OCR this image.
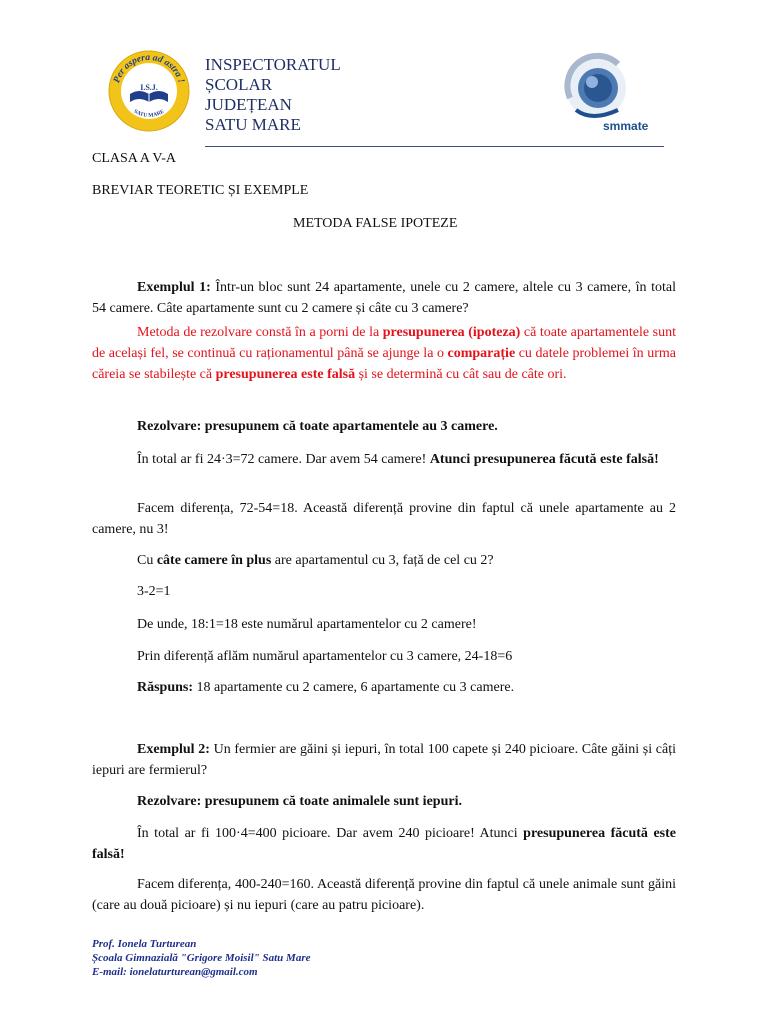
Per aspera ad astra !
I.S.J.
SATU MARE
INSPECTORATUL
ȘCOLAR
JUDEȚEAN
SATU MARE	smmate
CLASA A V-A
BREVIAR TEORETIC ȘI EXEMPLE
METODA FALSE IPOTEZE
Exemplul 1: Într-un bloc sunt 24 apartamente, unele cu 2 camere, altele cu 3 camere, în total 54 camere. Câte apartamente sunt cu 2 camere și câte cu 3 camere?
Metoda de rezolvare constă în a porni de la presupunerea (ipoteza) că toate apartamentele sunt de același fel, se continuă cu raționamentul până se ajunge la o comparație cu datele problemei în urma căreia se stabilește că presupunerea este falsă și se determină cu cât sau de câte ori.
Rezolvare: presupunem că toate apartamentele au 3 camere.
În total ar fi 24·3=72 camere. Dar avem 54 camere! Atunci presupunerea făcută este falsă!
Facem diferența, 72-54=18. Această diferență provine din faptul că unele apartamente au 2 camere, nu 3!
Cu câte camere în plus are apartamentul cu 3, față de cel cu 2?
3-2=1
De unde, 18:1=18 este numărul apartamentelor cu 2 camere!
Prin diferență aflăm numărul apartamentelor cu 3 camere, 24-18=6
Răspuns: 18 apartamente cu 2 camere, 6 apartamente cu 3 camere.
Exemplul 2: Un fermier are găini și iepuri, în total 100 capete și 240 picioare. Câte găini și câți iepuri are fermierul?
Rezolvare: presupunem că toate animalele sunt iepuri.
În total ar fi 100·4=400 picioare. Dar avem 240 picioare! Atunci presupunerea făcută este falsă!
Facem diferența, 400-240=160. Această diferență provine din faptul că unele animale sunt găini (care au două picioare) și nu iepuri (care au patru picioare).
Prof. Ionela Turturean
Școala Gimnazială "Grigore Moisil" Satu Mare
E-mail: ionelaturturean@gmail.com
